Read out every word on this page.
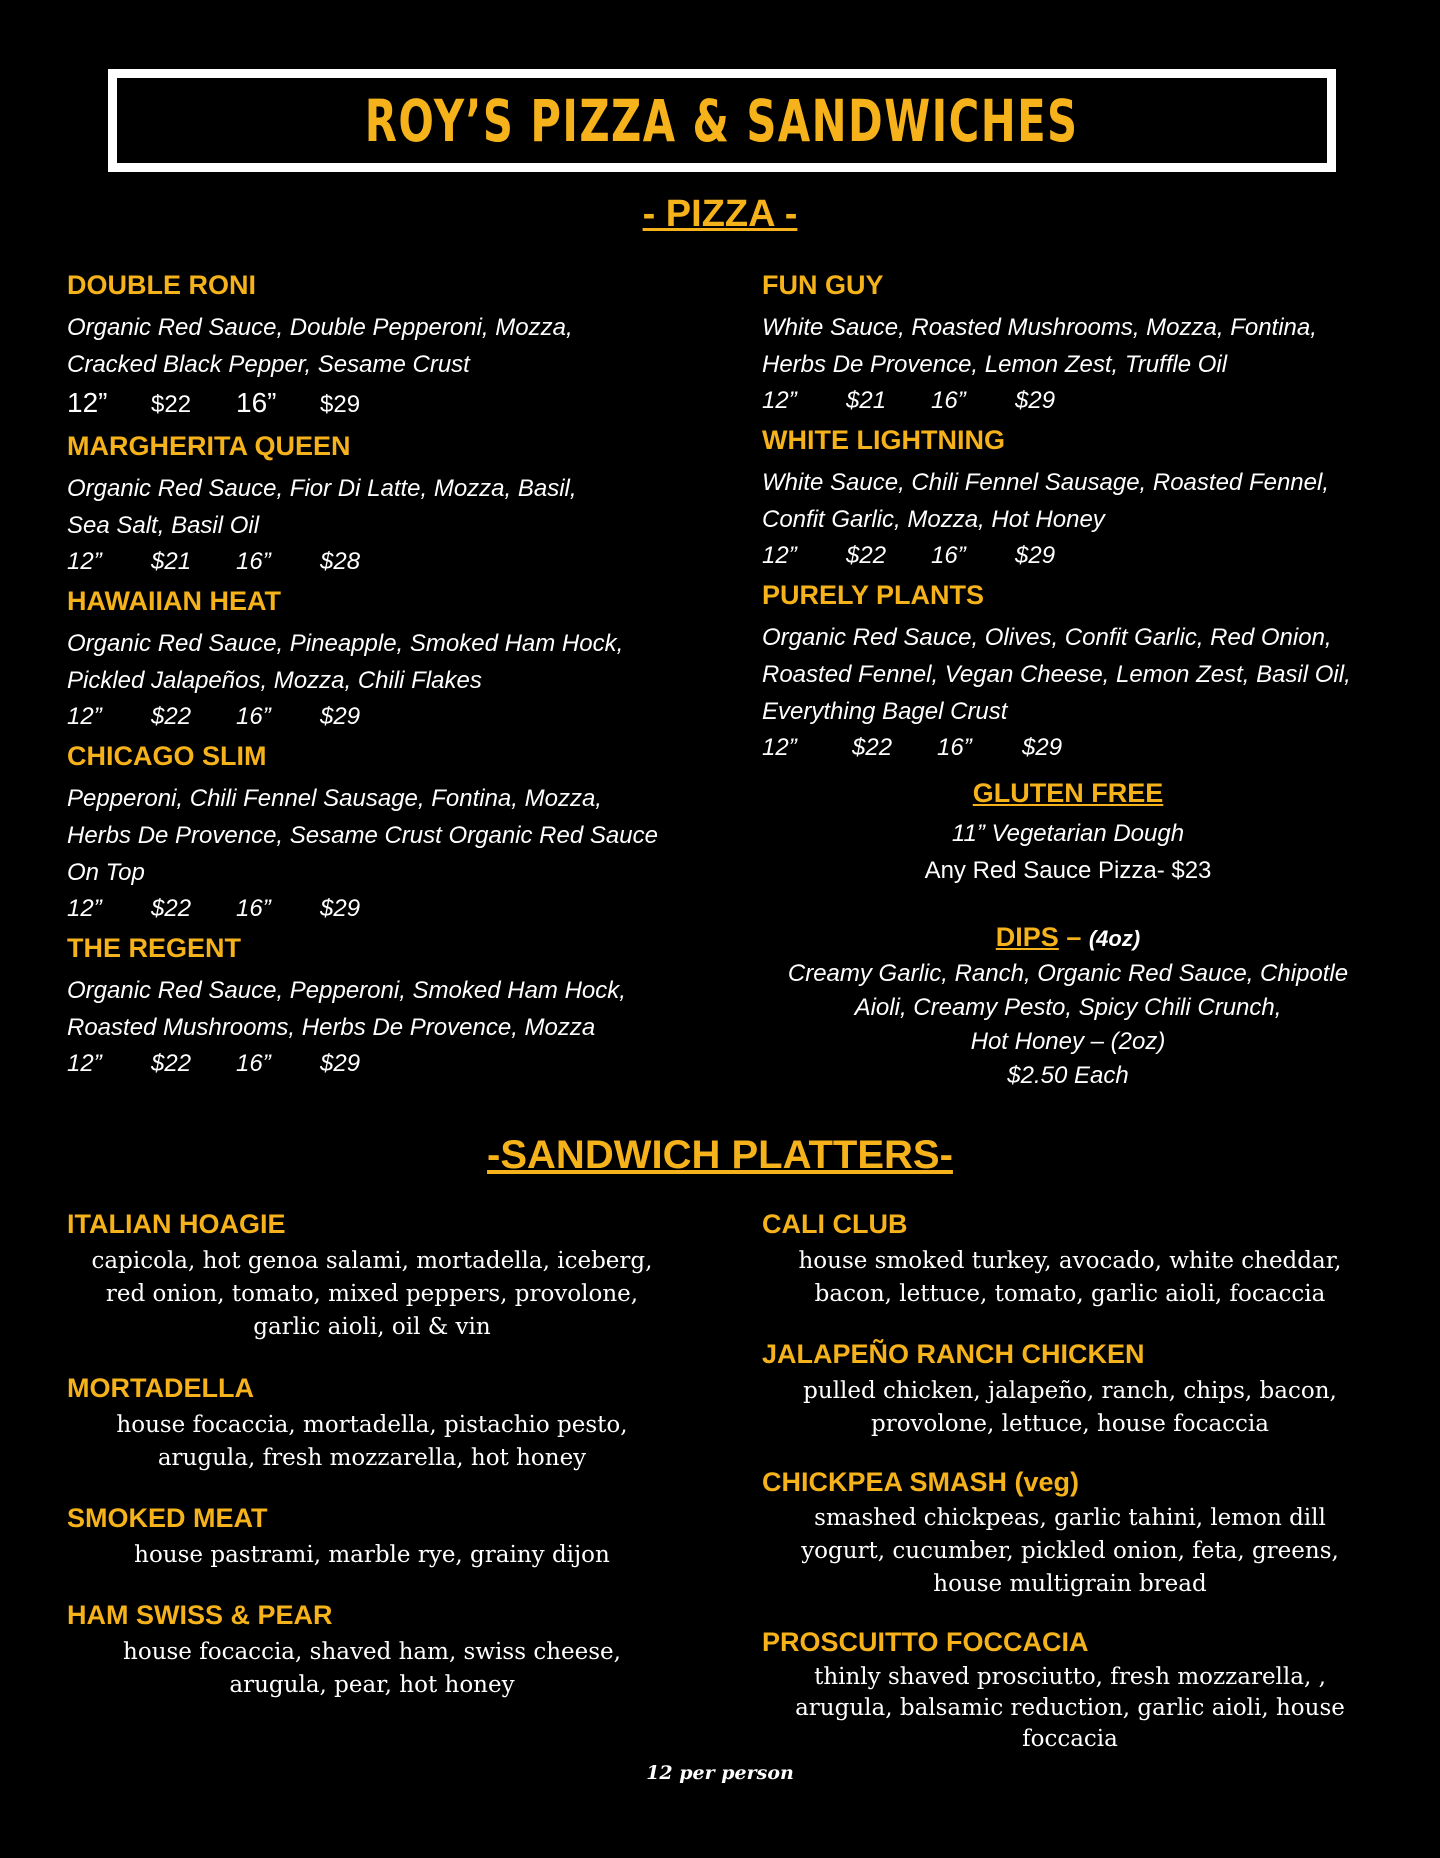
ROY’S PIZZA & SANDWICHES
- PIZZA -
DOUBLE RONI
Organic Red Sauce, Double Pepperoni, Mozza,
Cracked Black Pepper, Sesame Crust
12” $22 16” $29
MARGHERITA QUEEN
Organic Red Sauce, Fior Di Latte, Mozza, Basil,
Sea Salt, Basil Oil
12” $21 16” $28
HAWAIIAN HEAT
Organic Red Sauce, Pineapple, Smoked Ham Hock,
Pickled Jalapeños, Mozza, Chili Flakes
12” $22 16” $29
CHICAGO SLIM
Pepperoni, Chili Fennel Sausage, Fontina, Mozza,
Herbs De Provence, Sesame Crust Organic Red Sauce
On Top
12” $22 16” $29
THE REGENT
Organic Red Sauce, Pepperoni, Smoked Ham Hock,
Roasted Mushrooms, Herbs De Provence, Mozza
12” $22 16” $29
FUN GUY
White Sauce, Roasted Mushrooms, Mozza, Fontina,
Herbs De Provence, Lemon Zest, Truffle Oil
12” $21 16” $29
WHITE LIGHTNING
White Sauce, Chili Fennel Sausage, Roasted Fennel,
Confit Garlic, Mozza, Hot Honey
12” $22 16” $29
PURELY PLANTS
Organic Red Sauce, Olives, Confit Garlic, Red Onion,
Roasted Fennel, Vegan Cheese, Lemon Zest, Basil Oil,
Everything Bagel Crust
12” $22 16” $29
GLUTEN FREE
11” Vegetarian Dough
Any Red Sauce Pizza- $23
DIPS – (4oz)
Creamy Garlic, Ranch, Organic Red Sauce, Chipotle
Aioli, Creamy Pesto, Spicy Chili Crunch,
Hot Honey – (2oz)
$2.50 Each
-SANDWICH PLATTERS-
ITALIAN HOAGIE
capicola, hot genoa salami, mortadella, iceberg,
red onion, tomato, mixed peppers, provolone,
garlic aioli, oil & vin
MORTADELLA
house focaccia, mortadella, pistachio pesto,
arugula, fresh mozzarella, hot honey
SMOKED MEAT
house pastrami, marble rye, grainy dijon
HAM SWISS & PEAR
house focaccia, shaved ham, swiss cheese,
arugula, pear, hot honey
CALI CLUB
house smoked turkey, avocado, white cheddar,
bacon, lettuce, tomato, garlic aioli, focaccia
JALAPEÑO RANCH CHICKEN
pulled chicken, jalapeño, ranch, chips, bacon,
provolone, lettuce, house focaccia
CHICKPEA SMASH (veg)
smashed chickpeas, garlic tahini, lemon dill
yogurt, cucumber, pickled onion, feta, greens,
house multigrain bread
PROSCUITTO FOCCACIA
thinly shaved prosciutto, fresh mozzarella, ,
arugula, balsamic reduction, garlic aioli, house
foccacia
12 per person
